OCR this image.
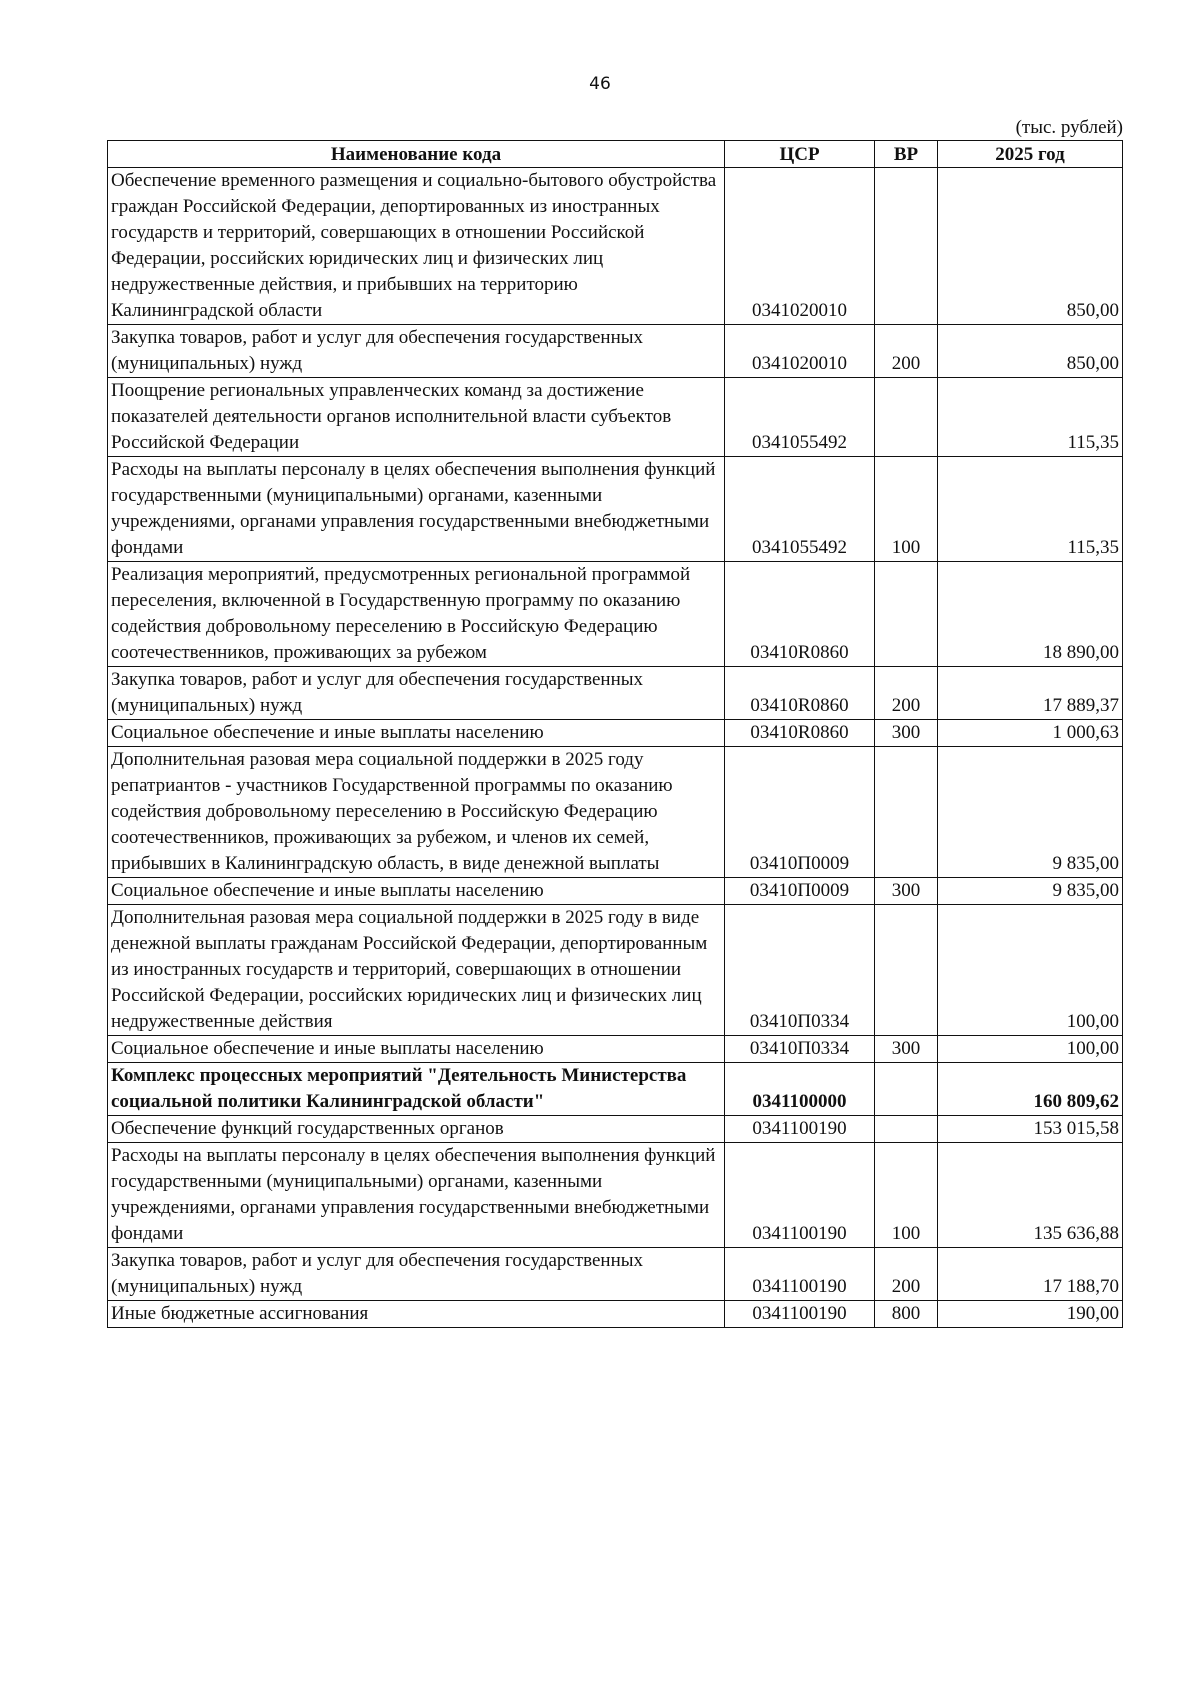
46
(тыс. рублей)
Наименование кода	ЦСР	ВР	2025 год
Обеспечение временного размещения и социально-бытового обустройства граждан Российской Федерации, депортированных из иностранных государств и территорий, совершающих в отношении Российской Федерации, российских юридических лиц и физических лиц недружественные действия, и прибывших на территорию Калининградской области	0341020010		850,00
Закупка товаров, работ и услуг для обеспечения государственных (муниципальных) нужд	0341020010	200	850,00
Поощрение региональных управленческих команд за достижение показателей деятельности органов исполнительной власти субъектов Российской Федерации	0341055492		115,35
Расходы на выплаты персоналу в целях обеспечения выполнения функций государственными (муниципальными) органами, казенными учреждениями, органами управления государственными внебюджетными фондами	0341055492	100	115,35
Реализация мероприятий, предусмотренных региональной программой переселения, включенной в Государственную программу по оказанию содействия добровольному переселению в Российскую Федерацию соотечественников, проживающих за рубежом	03410R0860		18 890,00
Закупка товаров, работ и услуг для обеспечения государственных (муниципальных) нужд	03410R0860	200	17 889,37
Социальное обеспечение и иные выплаты населению	03410R0860	300	1 000,63
Дополнительная разовая мера социальной поддержки в 2025 году репатриантов - участников Государственной программы по оказанию содействия добровольному переселению в Российскую Федерацию соотечественников, проживающих за рубежом, и членов их семей, прибывших в Калининградскую область, в виде денежной выплаты	03410П0009		9 835,00
Социальное обеспечение и иные выплаты населению	03410П0009	300	9 835,00
Дополнительная разовая мера социальной поддержки в 2025 году в виде денежной выплаты гражданам Российской Федерации, депортированным из иностранных государств и территорий, совершающих в отношении Российской Федерации, российских юридических лиц и физических лиц недружественные действия	03410П0334		100,00
Социальное обеспечение и иные выплаты населению	03410П0334	300	100,00
Комплекс процессных мероприятий "Деятельность Министерства социальной политики Калининградской области"	0341100000		160 809,62
Обеспечение функций государственных органов	0341100190		153 015,58
Расходы на выплаты персоналу в целях обеспечения выполнения функций государственными (муниципальными) органами, казенными учреждениями, органами управления государственными внебюджетными фондами	0341100190	100	135 636,88
Закупка товаров, работ и услуг для обеспечения государственных (муниципальных) нужд	0341100190	200	17 188,70
Иные бюджетные ассигнования	0341100190	800	190,00
